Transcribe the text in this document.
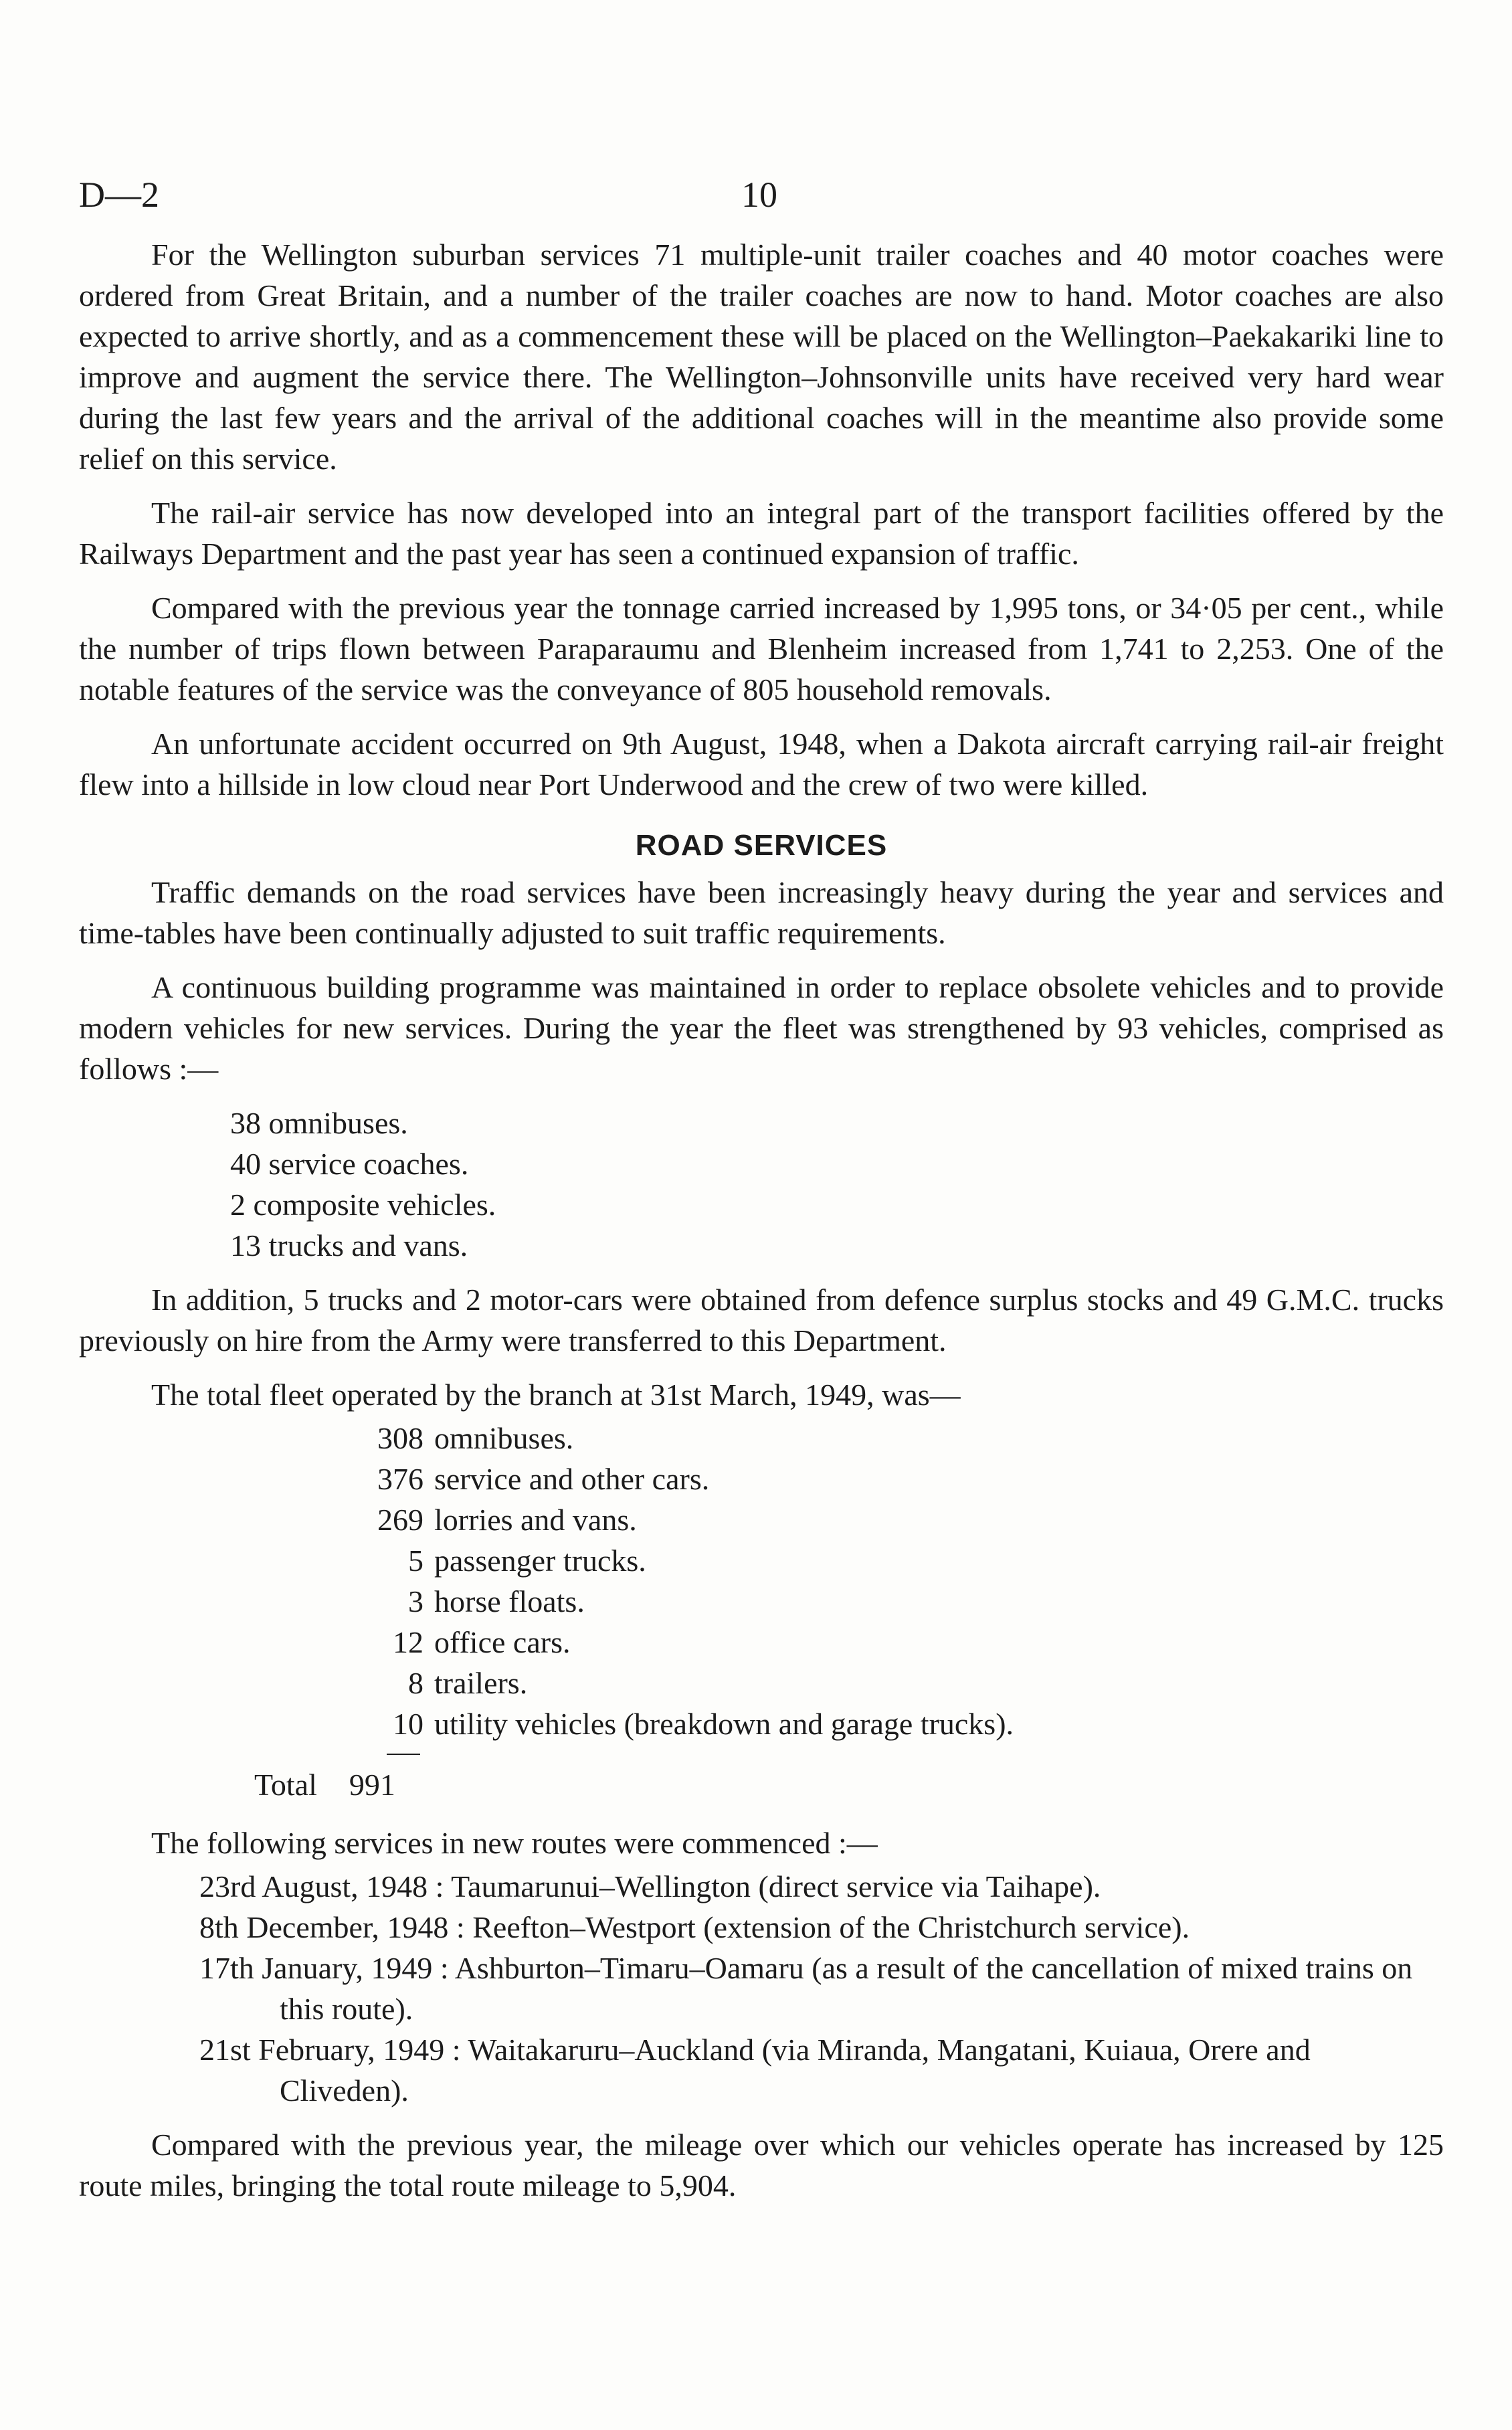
D—2	10

For the Wellington suburban services 71 multiple-unit trailer coaches and 40 motor coaches were ordered from Great Britain, and a number of the trailer coaches are now to hand. Motor coaches are also expected to arrive shortly, and as a commencement these will be placed on the Wellington–Paekakariki line to improve and augment the service there. The Wellington–Johnsonville units have received very hard wear during the last few years and the arrival of the additional coaches will in the meantime also provide some relief on this service.

The rail-air service has now developed into an integral part of the transport facilities offered by the Railways Department and the past year has seen a continued expansion of traffic.

Compared with the previous year the tonnage carried increased by 1,995 tons, or 34·05 per cent., while the number of trips flown between Paraparaumu and Blenheim increased from 1,741 to 2,253. One of the notable features of the service was the conveyance of 805 household removals.

An unfortunate accident occurred on 9th August, 1948, when a Dakota aircraft carrying rail-air freight flew into a hillside in low cloud near Port Underwood and the crew of two were killed.

ROAD SERVICES

Traffic demands on the road services have been increasingly heavy during the year and services and time-tables have been continually adjusted to suit traffic requirements.

A continuous building programme was maintained in order to replace obsolete vehicles and to provide modern vehicles for new services. During the year the fleet was strengthened by 93 vehicles, comprised as follows :—

38 omnibuses.
40 service coaches.
2 composite vehicles.
13 trucks and vans.

In addition, 5 trucks and 2 motor-cars were obtained from defence surplus stocks and 49 G.M.C. trucks previously on hire from the Army were transferred to this Department.

The total fleet operated by the branch at 31st March, 1949, was—

308 omnibuses.
376 service and other cars.
269 lorries and vans.
5 passenger trucks.
3 horse floats.
12 office cars.
8 trailers.
10 utility vehicles (breakdown and garage trucks).
Total 991

The following services in new routes were commenced :—

23rd August, 1948 : Taumarunui–Wellington (direct service via Taihape).
8th December, 1948 : Reefton–Westport (extension of the Christchurch service).
17th January, 1949 : Ashburton–Timaru–Oamaru (as a result of the cancellation of mixed trains on this route).
21st February, 1949 : Waitakaruru–Auckland (via Miranda, Mangatani, Kuiaua, Orere and Cliveden).

Compared with the previous year, the mileage over which our vehicles operate has increased by 125 route miles, bringing the total route mileage to 5,904.
